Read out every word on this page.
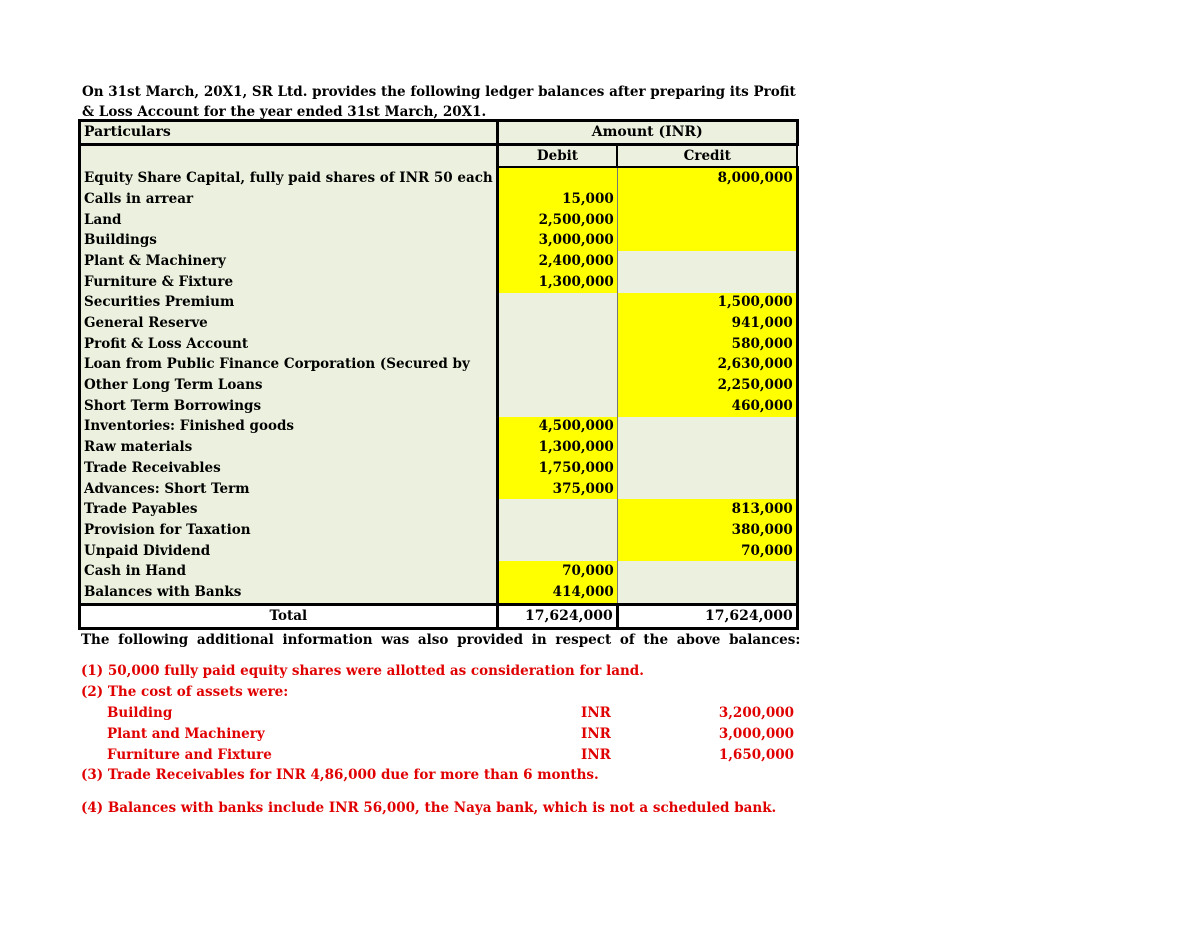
On 31st March, 20X1, SR Ltd. provides the following ledger balances after preparing its Profit & Loss Account for the year ended 31st March, 20X1.
Particulars	Amount (INR)	
	Debit	Credit
Equity Share Capital, fully paid shares of INR 50 each		8,000,000
Calls in arrear	15,000	
Land	2,500,000	
Buildings	3,000,000	
Plant & Machinery	2,400,000	
Furniture & Fixture	1,300,000	
Securities Premium		1,500,000
General Reserve		941,000
Profit & Loss Account		580,000
Loan from Public Finance Corporation (Secured by		2,630,000
Other Long Term Loans		2,250,000
Short Term Borrowings		460,000
Inventories: Finished goods	4,500,000	
Raw materials	1,300,000	
Trade Receivables	1,750,000	
Advances: Short Term	375,000	
Trade Payables		813,000
Provision for Taxation		380,000
Unpaid Dividend		70,000
Cash in Hand	70,000	
Balances with Banks	414,000	
Total	17,624,000	17,624,000
The following additional information was also provided in respect of the above balances:
(1) 50,000 fully paid equity shares were allotted as consideration for land.
(2) The cost of assets were:
Building	INR	3,200,000
Plant and Machinery	INR	3,000,000
Furniture and Fixture	INR	1,650,000
(3) Trade Receivables for INR 4,86,000 due for more than 6 months.
(4) Balances with banks include INR 56,000, the Naya bank, which is not a scheduled bank.
